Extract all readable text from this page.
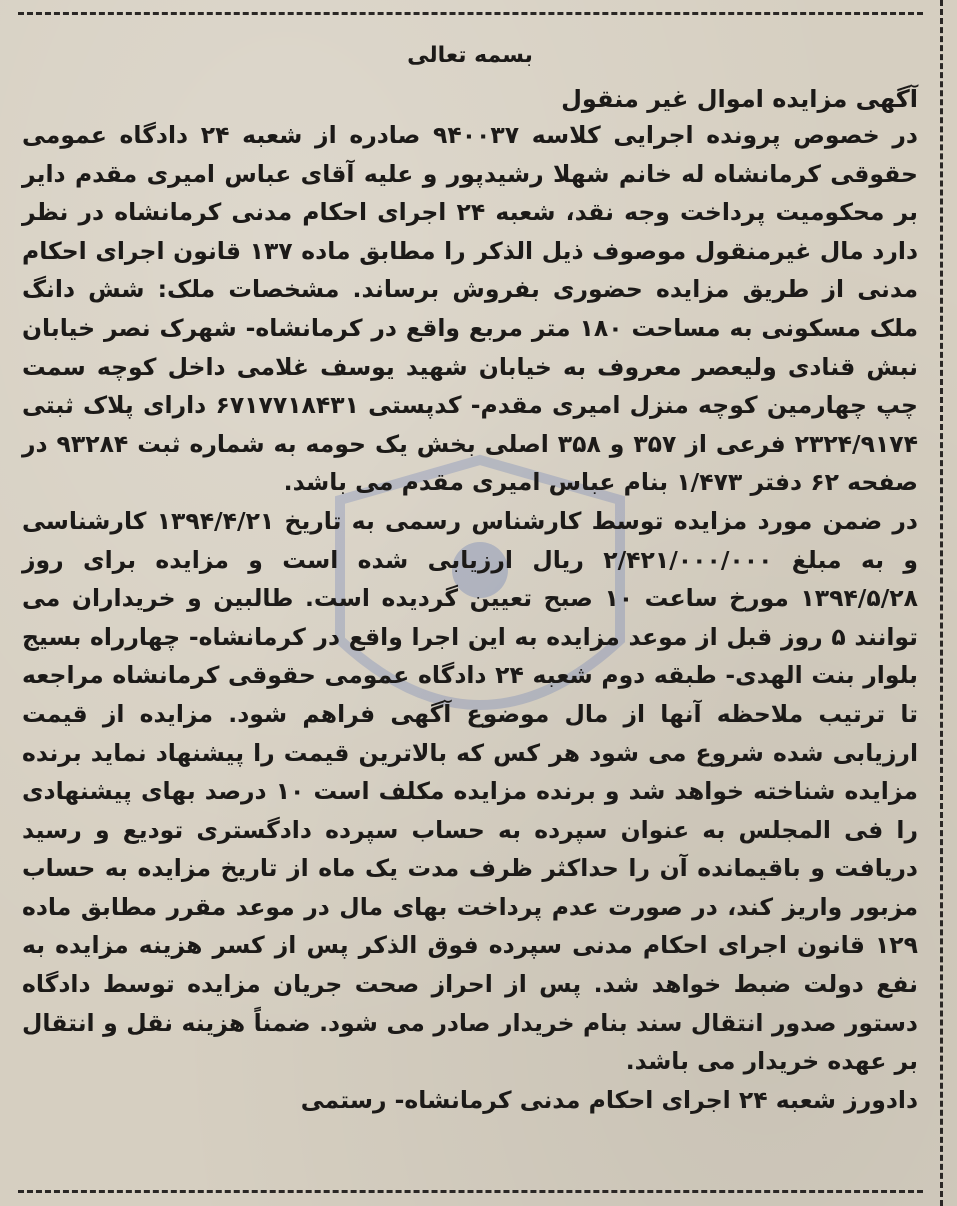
بسمه تعالی

آگهی مزایده اموال غیر منقول

در خصوص پرونده اجرایی کلاسه ۹۴۰۰۳۷ صادره از شعبه ۲۴ دادگاه عمومی حقوقی کرمانشاه له خانم شهلا رشیدپور و علیه آقای عباس امیری مقدم دایر بر محکومیت پرداخت وجه نقد، شعبه ۲۴ اجرای احکام مدنی کرمانشاه در نظر دارد مال غیرمنقول موصوف ذیل الذکر را مطابق ماده ۱۳۷ قانون اجرای احکام مدنی از طریق مزایده حضوری بفروش برساند. مشخصات ملک: شش دانگ ملک مسکونی به مساحت ۱۸۰ متر مربع واقع در کرمانشاه- شهرک نصر خیابان نبش قنادی ولیعصر معروف به خیابان شهید یوسف غلامی داخل کوچه سمت چپ چهارمین کوچه منزل امیری مقدم- کدپستی ۶۷۱۷۷۱۸۴۳۱ دارای پلاک ثبتی ۲۳۲۴/۹۱۷۴ فرعی از ۳۵۷ و ۳۵۸ اصلی بخش یک حومه به شماره ثبت ۹۳۲۸۴ در صفحه ۶۲ دفتر ۱/۴۷۳ بنام عباس امیری مقدم می باشد.

در ضمن مورد مزایده توسط کارشناس رسمی به تاریخ ۱۳۹۴/۴/۲۱ کارشناسی و به مبلغ ۲/۴۲۱/۰۰۰/۰۰۰ ریال ارزیابی شده است و مزایده برای روز ۱۳۹۴/۵/۲۸ مورخ ساعت ۱۰ صبح تعیین گردیده است. طالبین و خریداران می توانند ۵ روز قبل از موعد مزایده به این اجرا واقع در کرمانشاه- چهارراه بسیج بلوار بنت الهدی- طبقه دوم شعبه ۲۴ دادگاه عمومی حقوقی کرمانشاه مراجعه تا ترتیب ملاحظه آنها از مال موضوع آگهی فراهم شود. مزایده از قیمت ارزیابی شده شروع می شود هر کس که بالاترین قیمت را پیشنهاد نماید برنده مزایده شناخته خواهد شد و برنده مزایده مکلف است ۱۰ درصد بهای پیشنهادی را فی المجلس به عنوان سپرده به حساب سپرده دادگستری تودیع و رسید دریافت و باقیمانده آن را حداکثر ظرف مدت یک ماه از تاریخ مزایده به حساب مزبور واریز کند، در صورت عدم پرداخت بهای مال در موعد مقرر مطابق ماده ۱۲۹ قانون اجرای احکام مدنی سپرده فوق الذکر پس از کسر هزینه مزایده به نفع دولت ضبط خواهد شد. پس از احراز صحت جریان مزایده توسط دادگاه دستور صدور انتقال سند بنام خریدار صادر می شود. ضمناً هزینه نقل و انتقال بر عهده خریدار می باشد.

دادورز شعبه ۲۴ اجرای احکام مدنی کرمانشاه- رستمی
